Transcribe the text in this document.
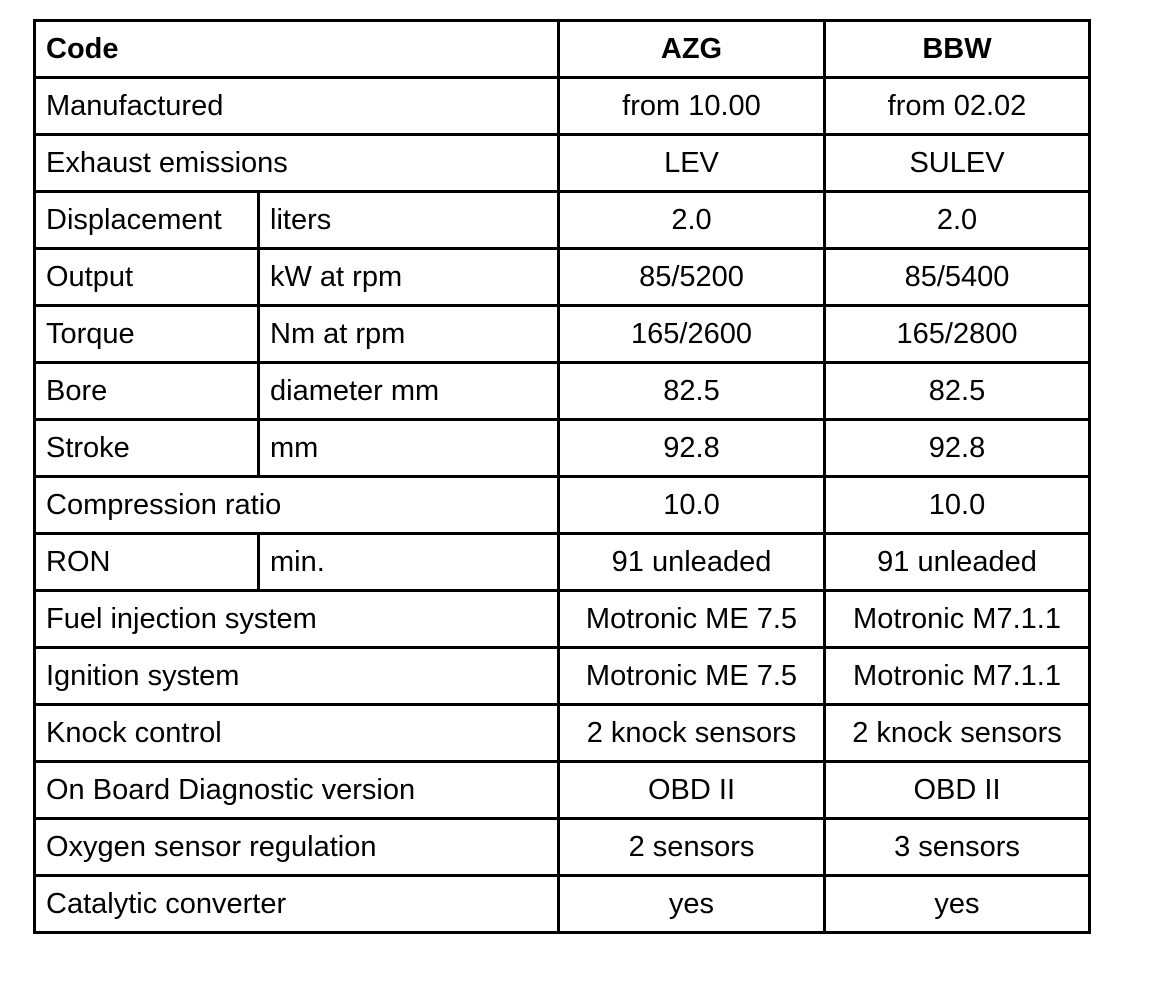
Code		AZG	BBW
Manufactured		from 10.00	from 02.02
Exhaust emissions		LEV	SULEV
Displacement	liters	2.0	2.0
Output	kW at rpm	85/5200	85/5400
Torque	Nm at rpm	165/2600	165/2800
Bore	diameter mm	82.5	82.5
Stroke	mm	92.8	92.8
Compression ratio		10.0	10.0
RON	min.	91 unleaded	91 unleaded
Fuel injection system		Motronic ME 7.5	Motronic M7.1.1
Ignition system		Motronic ME 7.5	Motronic M7.1.1
Knock control		2 knock sensors	2 knock sensors
On Board Diagnostic version		OBD II	OBD II
Oxygen sensor regulation		2 sensors	3 sensors
Catalytic converter		yes	yes
